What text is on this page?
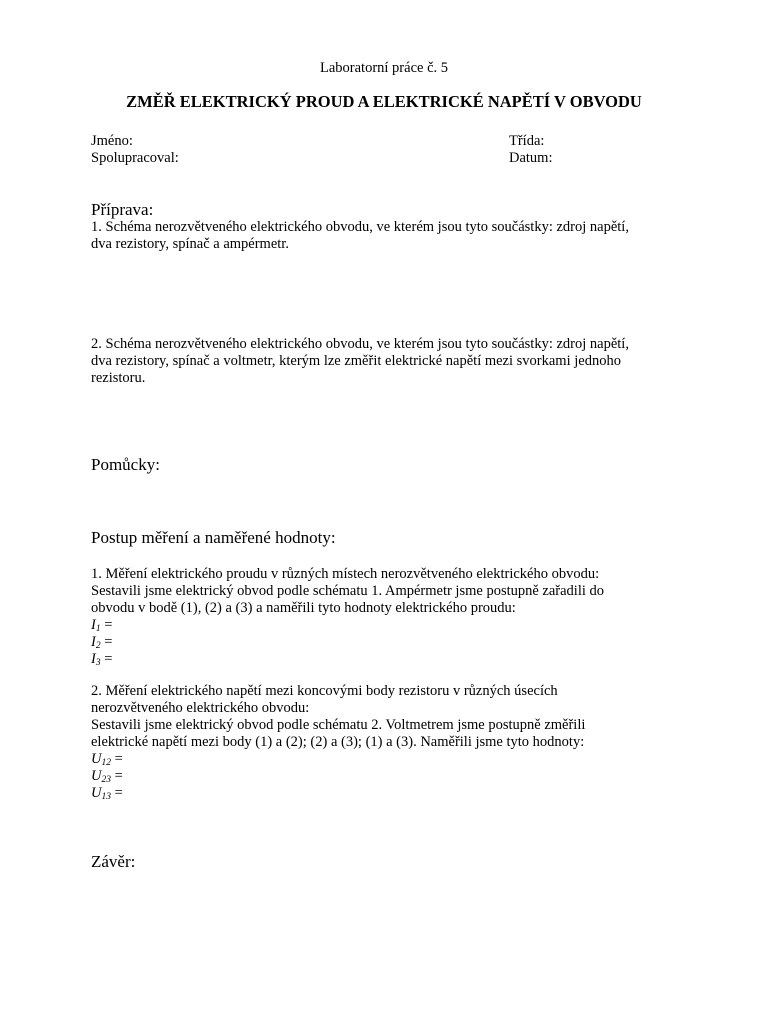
Laboratorní práce č. 5
ZMĚŘ ELEKTRICKÝ PROUD A ELEKTRICKÉ NAPĚTÍ V OBVODU
Jméno:
Spolupracoval:
Třída:
Datum:
Příprava:

1. Schéma nerozvětveného elektrického obvodu, ve kterém jsou tyto součástky: zdroj napětí,

dva rezistory, spínač a ampérmetr.

2. Schéma nerozvětveného elektrického obvodu, ve kterém jsou tyto součástky: zdroj napětí,

dva rezistory, spínač a voltmetr, kterým lze změřit elektrické napětí mezi svorkami jednoho

rezistoru.

Pomůcky:
Postup měření a naměřené hodnoty:

1. Měření elektrického proudu v různých místech nerozvětveného elektrického obvodu:

Sestavili jsme elektrický obvod podle schématu 1. Ampérmetr jsme postupně zařadili do

obvodu v bodě (1), (2) a (3) a naměřili tyto hodnoty elektrického proudu:

$I_1$ =

$I_2$ =

$I_3$ =

2. Měření elektrického napětí mezi koncovými body rezistoru v různých úsecích

nerozvětveného elektrického obvodu:

Sestavili jsme elektrický obvod podle schématu 2. Voltmetrem jsme postupně změřili

elektrické napětí mezi body (1) a (2); (2) a (3); (1) a (3). Naměřili jsme tyto hodnoty:

$U_{12}$ =

$U_{23}$ =

$U_{13}$ =

Závěr:
